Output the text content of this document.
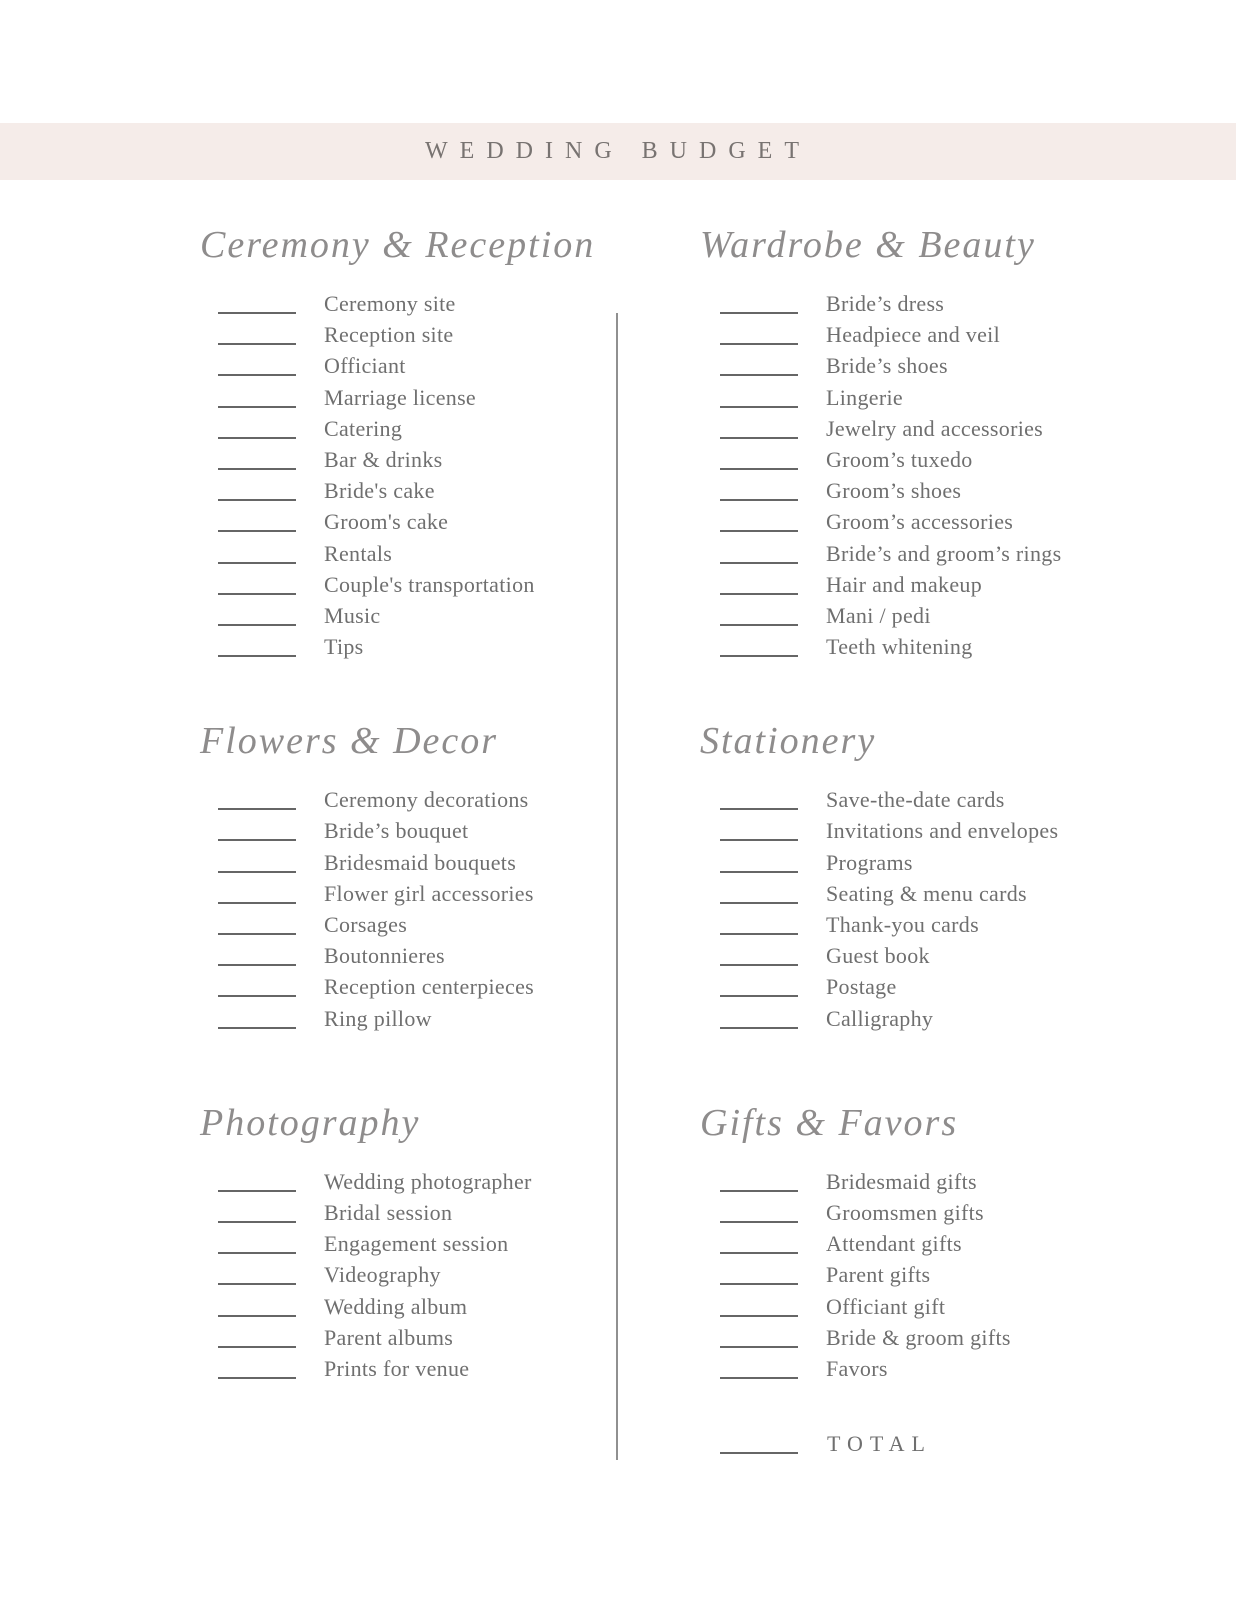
WEDDING BUDGET
Ceremony & Reception
Ceremony site
Reception site
Officiant
Marriage license
Catering
Bar & drinks
Bride's cake
Groom's cake
Rentals
Couple's transportation
Music
Tips
Flowers & Decor
Ceremony decorations
Bride’s bouquet
Bridesmaid bouquets
Flower girl accessories
Corsages
Boutonnieres
Reception centerpieces
Ring pillow
Photography
Wedding photographer
Bridal session
Engagement session
Videography
Wedding album
Parent albums
Prints for venue
Wardrobe & Beauty
Bride’s dress
Headpiece and veil
Bride’s shoes
Lingerie
Jewelry and accessories
Groom’s tuxedo
Groom’s shoes
Groom’s accessories
Bride’s and groom’s rings
Hair and makeup
Mani / pedi
Teeth whitening
Stationery
Save-the-date cards
Invitations and envelopes
Programs
Seating & menu cards
Thank-you cards
Guest book
Postage
Calligraphy
Gifts & Favors
Bridesmaid gifts
Groomsmen gifts
Attendant gifts
Parent gifts
Officiant gift
Bride & groom gifts
Favors
TOTAL
